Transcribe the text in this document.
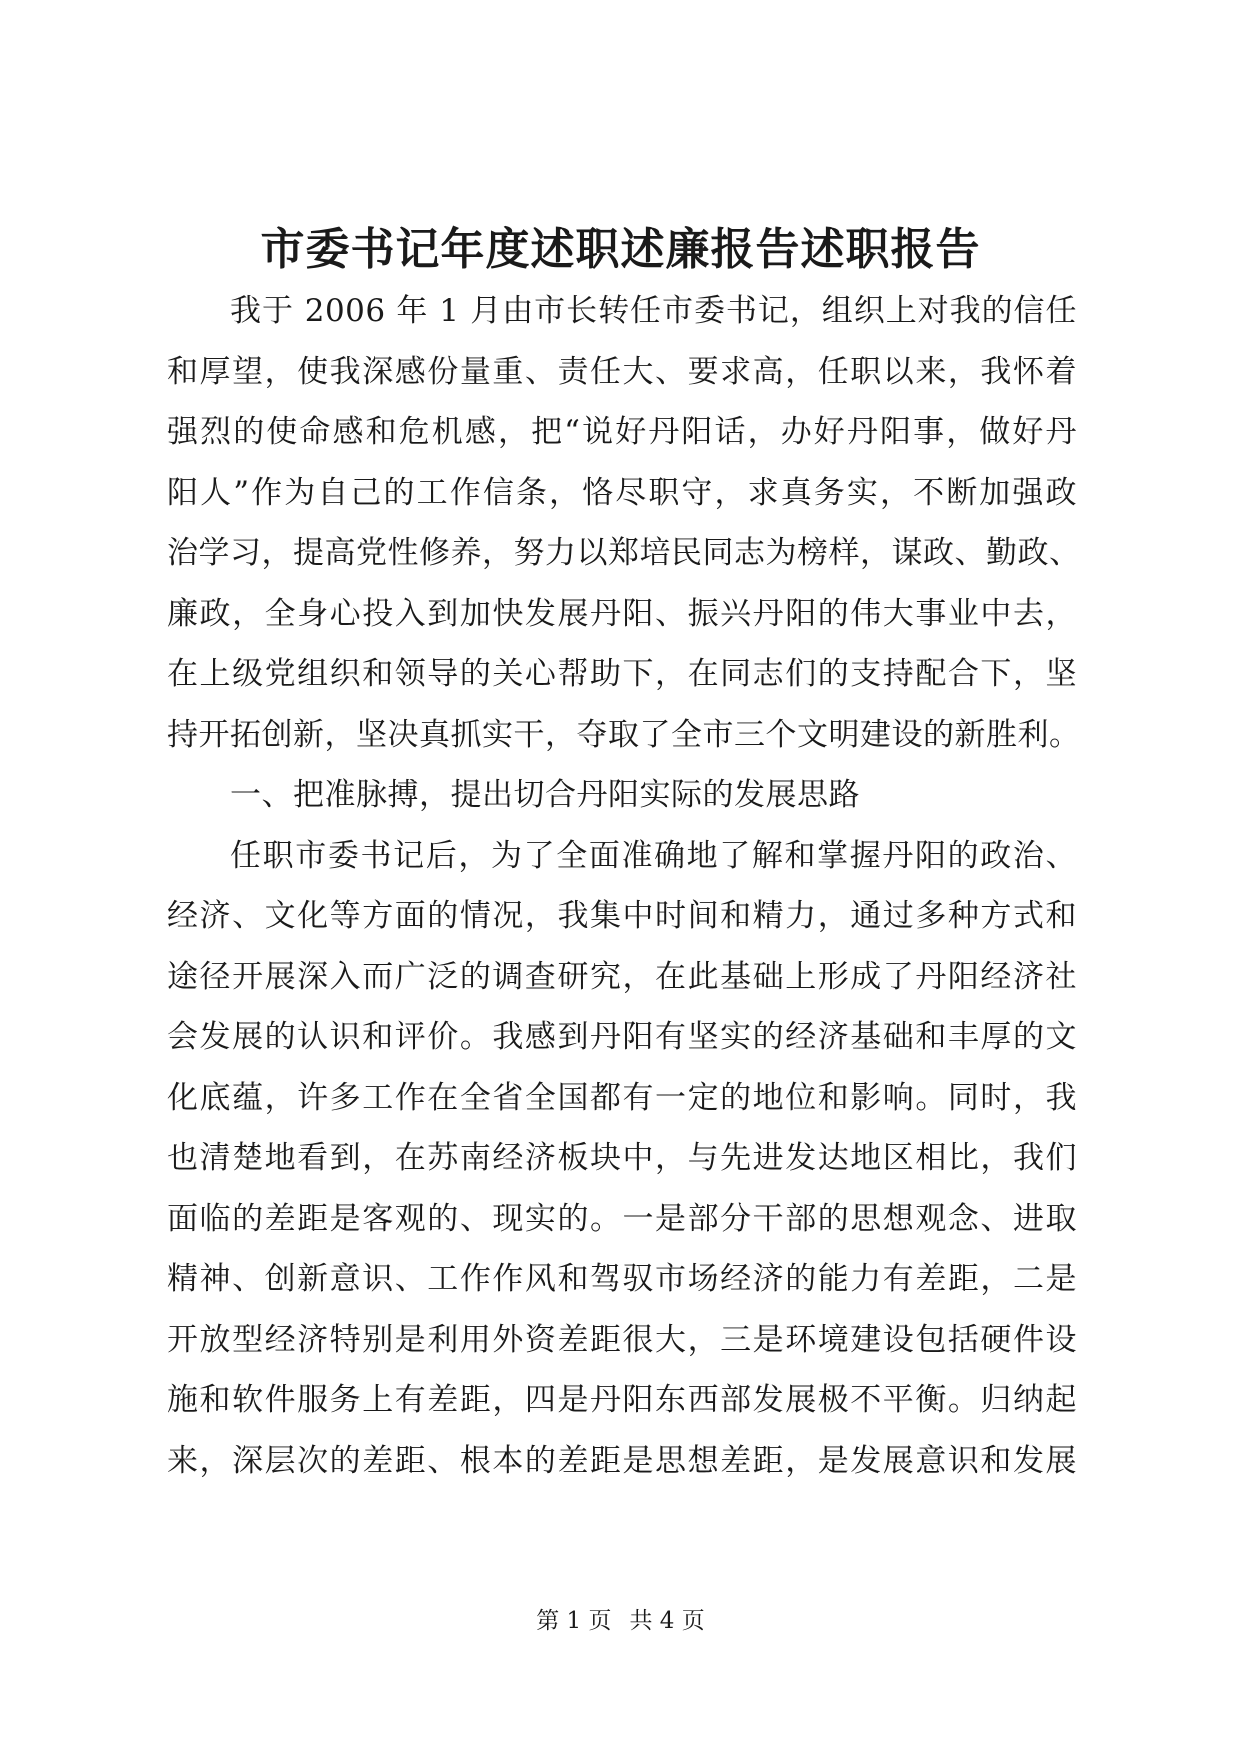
市委书记年度述职述廉报告述职报告
我于 2006 年 1 月由市长转任市委书记，组织上对我的信任
和厚望，使我深感份量重、责任大、要求高，任职以来，我怀着
强烈的使命感和危机感，把“说好丹阳话，办好丹阳事，做好丹
阳人”作为自己的工作信条，恪尽职守，求真务实，不断加强政
治学习，提高党性修养，努力以郑培民同志为榜样，谋政、勤政、
廉政，全身心投入到加快发展丹阳、振兴丹阳的伟大事业中去，
在上级党组织和领导的关心帮助下，在同志们的支持配合下，坚
持开拓创新，坚决真抓实干，夺取了全市三个文明建设的新胜利。
一、把准脉搏，提出切合丹阳实际的发展思路
任职市委书记后，为了全面准确地了解和掌握丹阳的政治、
经济、文化等方面的情况，我集中时间和精力，通过多种方式和
途径开展深入而广泛的调查研究，在此基础上形成了丹阳经济社
会发展的认识和评价。我感到丹阳有坚实的经济基础和丰厚的文
化底蕴，许多工作在全省全国都有一定的地位和影响。同时，我
也清楚地看到，在苏南经济板块中，与先进发达地区相比，我们
面临的差距是客观的、现实的。一是部分干部的思想观念、进取
精神、创新意识、工作作风和驾驭市场经济的能力有差距，二是
开放型经济特别是利用外资差距很大，三是环境建设包括硬件设
施和软件服务上有差距，四是丹阳东西部发展极不平衡。归纳起
来，深层次的差距、根本的差距是思想差距，是发展意识和发展
第 1 页 共 4 页
